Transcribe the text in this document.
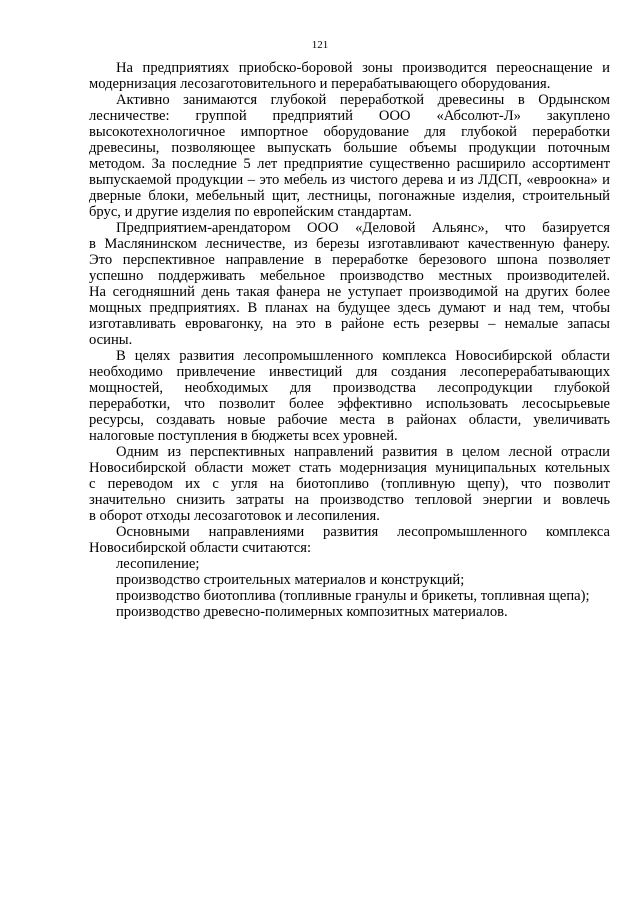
121
На предприятиях приобско-боровой зоны производится переоснащение и
модернизация лесозаготовительного и перерабатывающего оборудования.
Активно занимаются глубокой переработкой древесины в Ордынском
лесничестве: группой предприятий ООО «Абсолют-Л» закуплено
высокотехнологичное импортное оборудование для глубокой переработки
древесины, позволяющее выпускать большие объемы продукции поточным
методом. За последние 5 лет предприятие существенно расширило ассортимент
выпускаемой продукции – это мебель из чистого дерева и из ЛДСП, «евроокна» и
дверные блоки, мебельный щит, лестницы, погонажные изделия, строительный
брус, и другие изделия по европейским стандартам.
Предприятием-арендатором ООО «Деловой Альянс», что базируется
в Маслянинском лесничестве, из березы изготавливают качественную фанеру.
Это перспективное направление в переработке березового шпона позволяет
успешно поддерживать мебельное производство местных производителей.
На сегодняшний день такая фанера не уступает производимой на других более
мощных предприятиях. В планах на будущее здесь думают и над тем, чтобы
изготавливать евровагонку, на это в районе есть резервы – немалые запасы
осины.
В целях развития лесопромышленного комплекса Новосибирской области
необходимо привлечение инвестиций для создания лесоперерабатывающих
мощностей, необходимых для производства лесопродукции глубокой
переработки, что позволит более эффективно использовать лесосырьевые
ресурсы, создавать новые рабочие места в районах области, увеличивать
налоговые поступления в бюджеты всех уровней.
Одним из перспективных направлений развития в целом лесной отрасли
Новосибирской области может стать модернизация муниципальных котельных
с переводом их с угля на биотопливо (топливную щепу), что позволит
значительно снизить затраты на производство тепловой энергии и вовлечь
в оборот отходы лесозаготовок и лесопиления.
Основными направлениями развития лесопромышленного комплекса
Новосибирской области считаются:
лесопиление;
производство строительных материалов и конструкций;
производство биотоплива (топливные гранулы и брикеты, топливная щепа);
производство древесно-полимерных композитных материалов.
